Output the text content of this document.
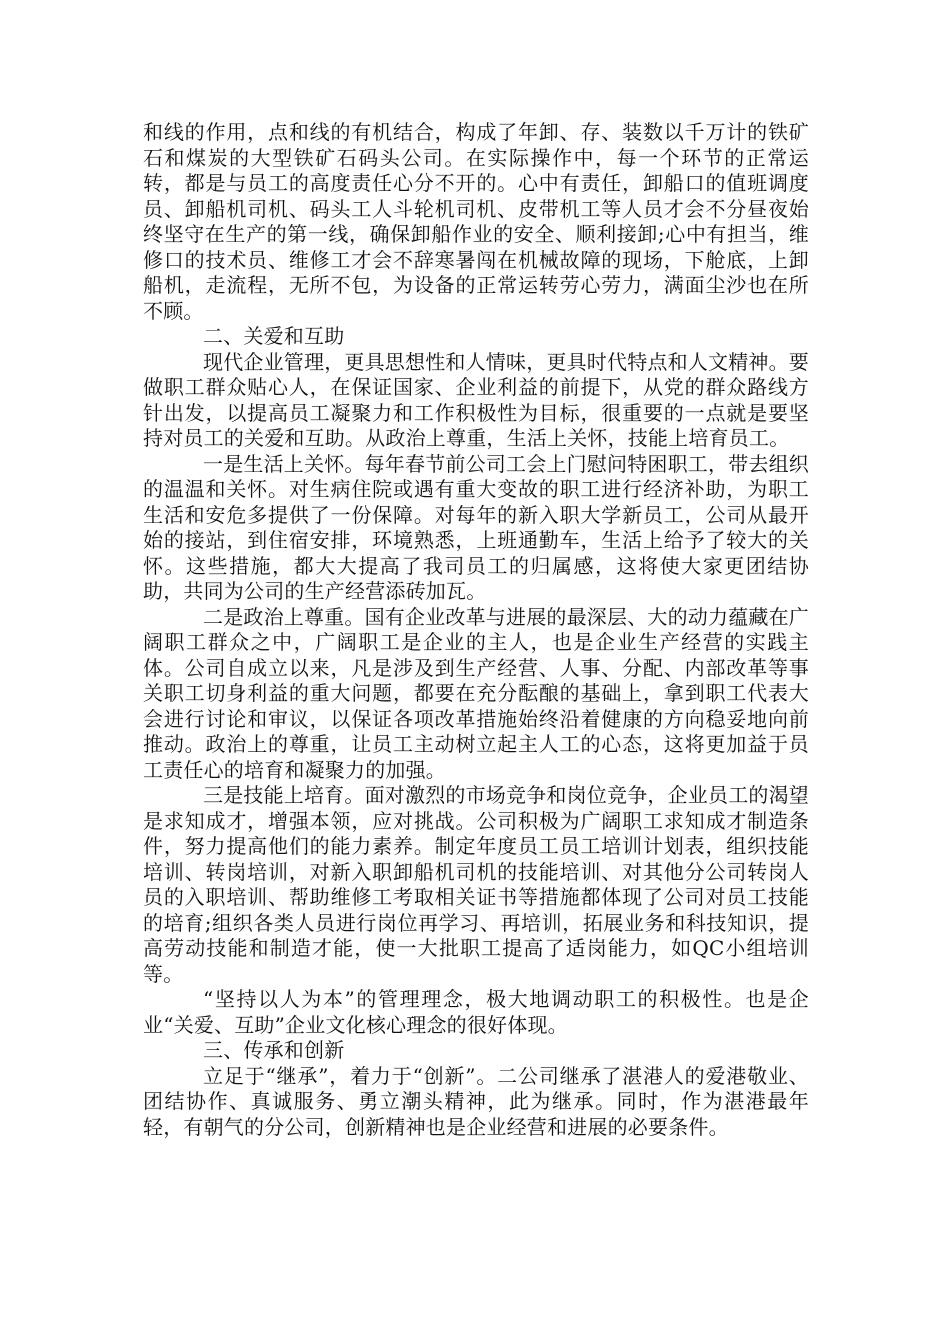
和线的作用，点和线的有机结合，构成了年卸、存、装数以千万计的铁矿石和煤炭的大型铁矿石码头公司。在实际操作中，每一个环节的正常运转，都是与员工的高度责任心分不开的。心中有责任，卸船口的值班调度员、卸船机司机、码头工人斗轮机司机、皮带机工等人员才会不分昼夜始终坚守在生产的第一线，确保卸船作业的安全、顺利接卸;心中有担当，维修口的技术员、维修工才会不辞寒暑闯在机械故障的现场，下舱底，上卸船机，走流程，无所不包，为设备的正常运转劳心劳力，满面尘沙也在所不顾。

二、关爱和互助

现代企业管理，更具思想性和人情味，更具时代特点和人文精神。要做职工群众贴心人，在保证国家、企业利益的前提下，从党的群众路线方针出发，以提高员工凝聚力和工作积极性为目标，很重要的一点就是要坚持对员工的关爱和互助。从政治上尊重，生活上关怀，技能上培育员工。

一是生活上关怀。每年春节前公司工会上门慰问特困职工，带去组织的温温和关怀。对生病住院或遇有重大变故的职工进行经济补助，为职工生活和安危多提供了一份保障。对每年的新入职大学新员工，公司从最开始的接站，到住宿安排，环境熟悉，上班通勤车，生活上给予了较大的关怀。这些措施，都大大提高了我司员工的归属感，这将使大家更团结协助，共同为公司的生产经营添砖加瓦。

二是政治上尊重。国有企业改革与进展的最深层、大的动力蕴藏在广阔职工群众之中，广阔职工是企业的主人，也是企业生产经营的实践主体。公司自成立以来，凡是涉及到生产经营、人事、分配、内部改革等事关职工切身利益的重大问题，都要在充分酝酿的基础上，拿到职工代表大会进行讨论和审议，以保证各项改革措施始终沿着健康的方向稳妥地向前推动。政治上的尊重，让员工主动树立起主人工的心态，这将更加益于员工责任心的培育和凝聚力的加强。

三是技能上培育。面对激烈的市场竞争和岗位竞争，企业员工的渴望是求知成才，增强本领，应对挑战。公司积极为广阔职工求知成才制造条件，努力提高他们的能力素养。制定年度员工员工培训计划表，组织技能培训、转岗培训，对新入职卸船机司机的技能培训、对其他分公司转岗人员的入职培训、帮助维修工考取相关证书等措施都体现了公司对员工技能的培育;组织各类人员进行岗位再学习、再培训，拓展业务和科技知识，提高劳动技能和制造才能，使一大批职工提高了适岗能力，如QC小组培训等。

“坚持以人为本”的管理理念，极大地调动职工的积极性。也是企业“关爱、互助”企业文化核心理念的很好体现。

三、传承和创新

立足于“继承”，着力于“创新”。二公司继承了湛港人的爱港敬业、团结协作、真诚服务、勇立潮头精神，此为继承。同时，作为湛港最年轻，有朝气的分公司，创新精神也是企业经营和进展的必要条件。
